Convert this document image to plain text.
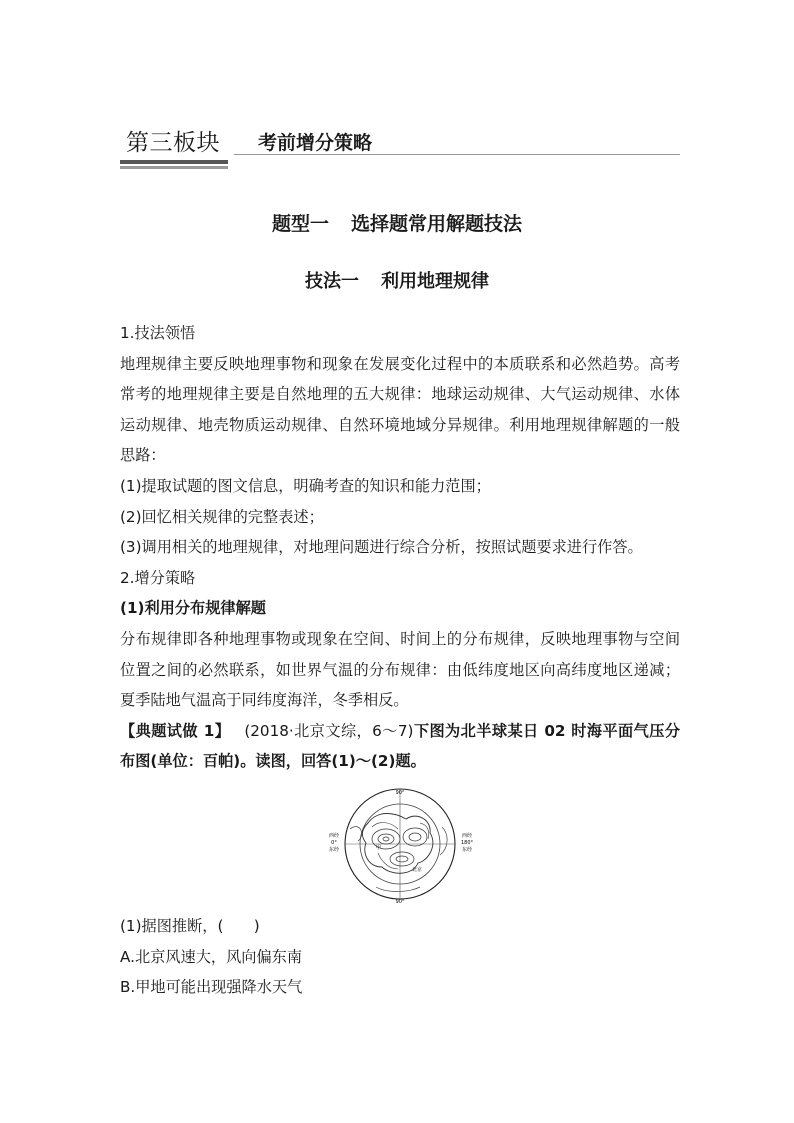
第三板块	考前增分策略
题型一 选择题常用解题技法
技法一 利用地理规律

1.技法领悟

地理规律主要反映地理事物和现象在发展变化过程中的本质联系和必然趋势。高考常考的地理规律主要是自然地理的五大规律：地球运动规律、大气运动规律、水体运动规律、地壳物质运动规律、自然环境地域分异规律。利用地理规律解题的一般思路：

(1)提取试题的图文信息，明确考查的知识和能力范围；

(2)回忆相关规律的完整表述；

(3)调用相关的地理规律，对地理问题进行综合分析，按照试题要求进行作答。

2.增分策略

(1)利用分布规律解题

分布规律即各种地理事物或现象在空间、时间上的分布规律，反映地理事物与空间位置之间的必然联系，如世界气温的分布规律：由低纬度地区向高纬度地区递减；夏季陆地气温高于同纬度海洋，冬季相反。

【典题试做 1】 (2018·北京文综，6～7)下图为北半球某日 02 时海平面气压分布图(单位：百帕)。读图，回答(1)～(2)题。

90°
90°
西经
0°
东经
西经
180°
东经
北京
甲

(1)据图推断，(　　)

A.北京风速大，风向偏东南

B.甲地可能出现强降水天气
